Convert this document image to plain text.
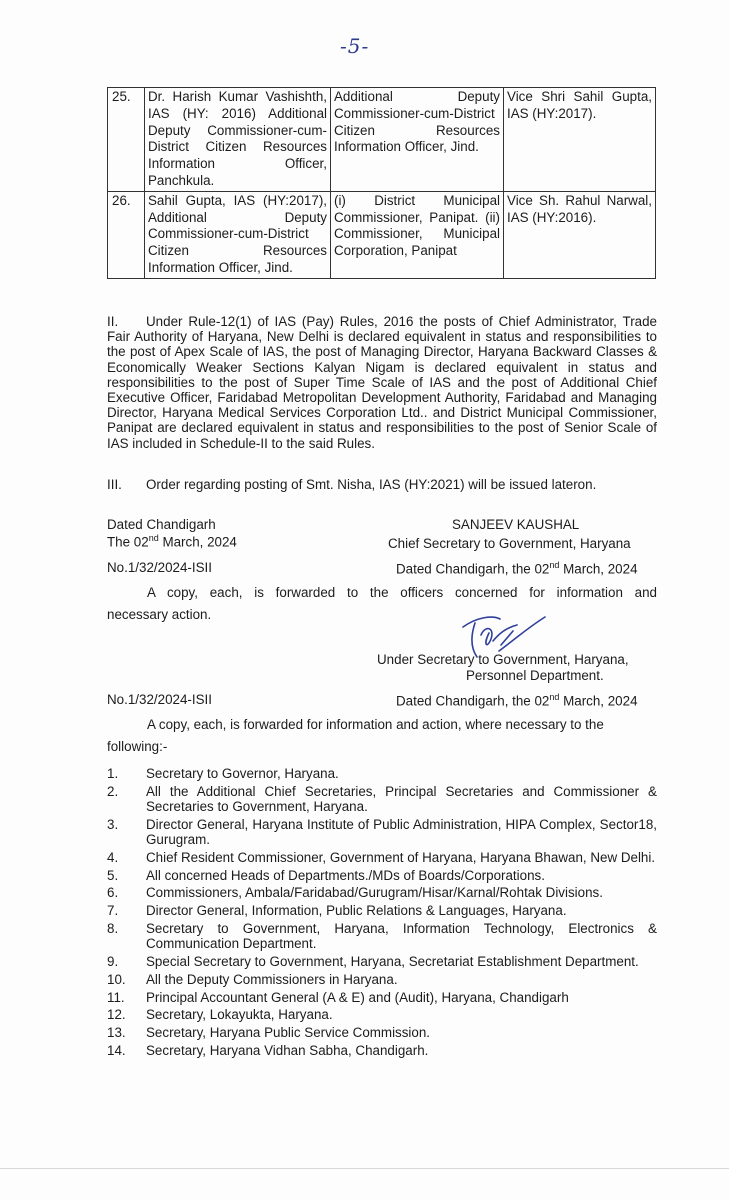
-5-
25.	Dr. Harish Kumar Vashishth, IAS (HY: 2016) Additional Deputy Commissioner-cum-District Citizen Resources Information Officer, Panchkula.	Additional Deputy Commissioner-cum-District Citizen Resources Information Officer, Jind.	Vice Shri Sahil Gupta, IAS (HY:2017).
26.	Sahil Gupta, IAS (HY:2017), Additional Deputy Commissioner-cum-District Citizen Resources Information Officer, Jind.	(i) District Municipal Commissioner, Panipat. (ii) Commissioner, Municipal Corporation, Panipat	Vice Sh. Rahul Narwal, IAS (HY:2016).
II. Under Rule-12(1) of IAS (Pay) Rules, 2016 the posts of Chief Administrator, Trade Fair Authority of Haryana, New Delhi is declared equivalent in status and responsibilities to the post of Apex Scale of IAS, the post of Managing Director, Haryana Backward Classes & Economically Weaker Sections Kalyan Nigam is declared equivalent in status and responsibilities to the post of Super Time Scale of IAS and the post of Additional Chief Executive Officer, Faridabad Metropolitan Development Authority, Faridabad and Managing Director, Haryana Medical Services Corporation Ltd.. and District Municipal Commissioner, Panipat are declared equivalent in status and responsibilities to the post of Senior Scale of IAS included in Schedule-II to the said Rules.
III. Order regarding posting of Smt. Nisha, IAS (HY:2021) will be issued lateron.
Dated Chandigarh
The 02nd March, 2024
SANJEEV KAUSHAL
Chief Secretary to Government, Haryana
No.1/32/2024-ISII	Dated Chandigarh, the 02nd March, 2024
A copy, each, is forwarded to the officers concerned for information and
necessary action.
Under Secretary to Government, Haryana,
Personnel Department.
No.1/32/2024-ISII	Dated Chandigarh, the 02nd March, 2024
A copy, each, is forwarded for information and action, where necessary to the
following:-
1. Secretary to Governor, Haryana.
2. All the Additional Chief Secretaries, Principal Secretaries and Commissioner & Secretaries to Government, Haryana.
3. Director General, Haryana Institute of Public Administration, HIPA Complex, Sector18, Gurugram.
4. Chief Resident Commissioner, Government of Haryana, Haryana Bhawan, New Delhi.
5. All concerned Heads of Departments./MDs of Boards/Corporations.
6. Commissioners, Ambala/Faridabad/Gurugram/Hisar/Karnal/Rohtak Divisions.
7. Director General, Information, Public Relations & Languages, Haryana.
8. Secretary to Government, Haryana, Information Technology, Electronics & Communication Department.
9. Special Secretary to Government, Haryana, Secretariat Establishment Department.
10. All the Deputy Commissioners in Haryana.
11. Principal Accountant General (A & E) and (Audit), Haryana, Chandigarh
12. Secretary, Lokayukta, Haryana.
13. Secretary, Haryana Public Service Commission.
14. Secretary, Haryana Vidhan Sabha, Chandigarh.
